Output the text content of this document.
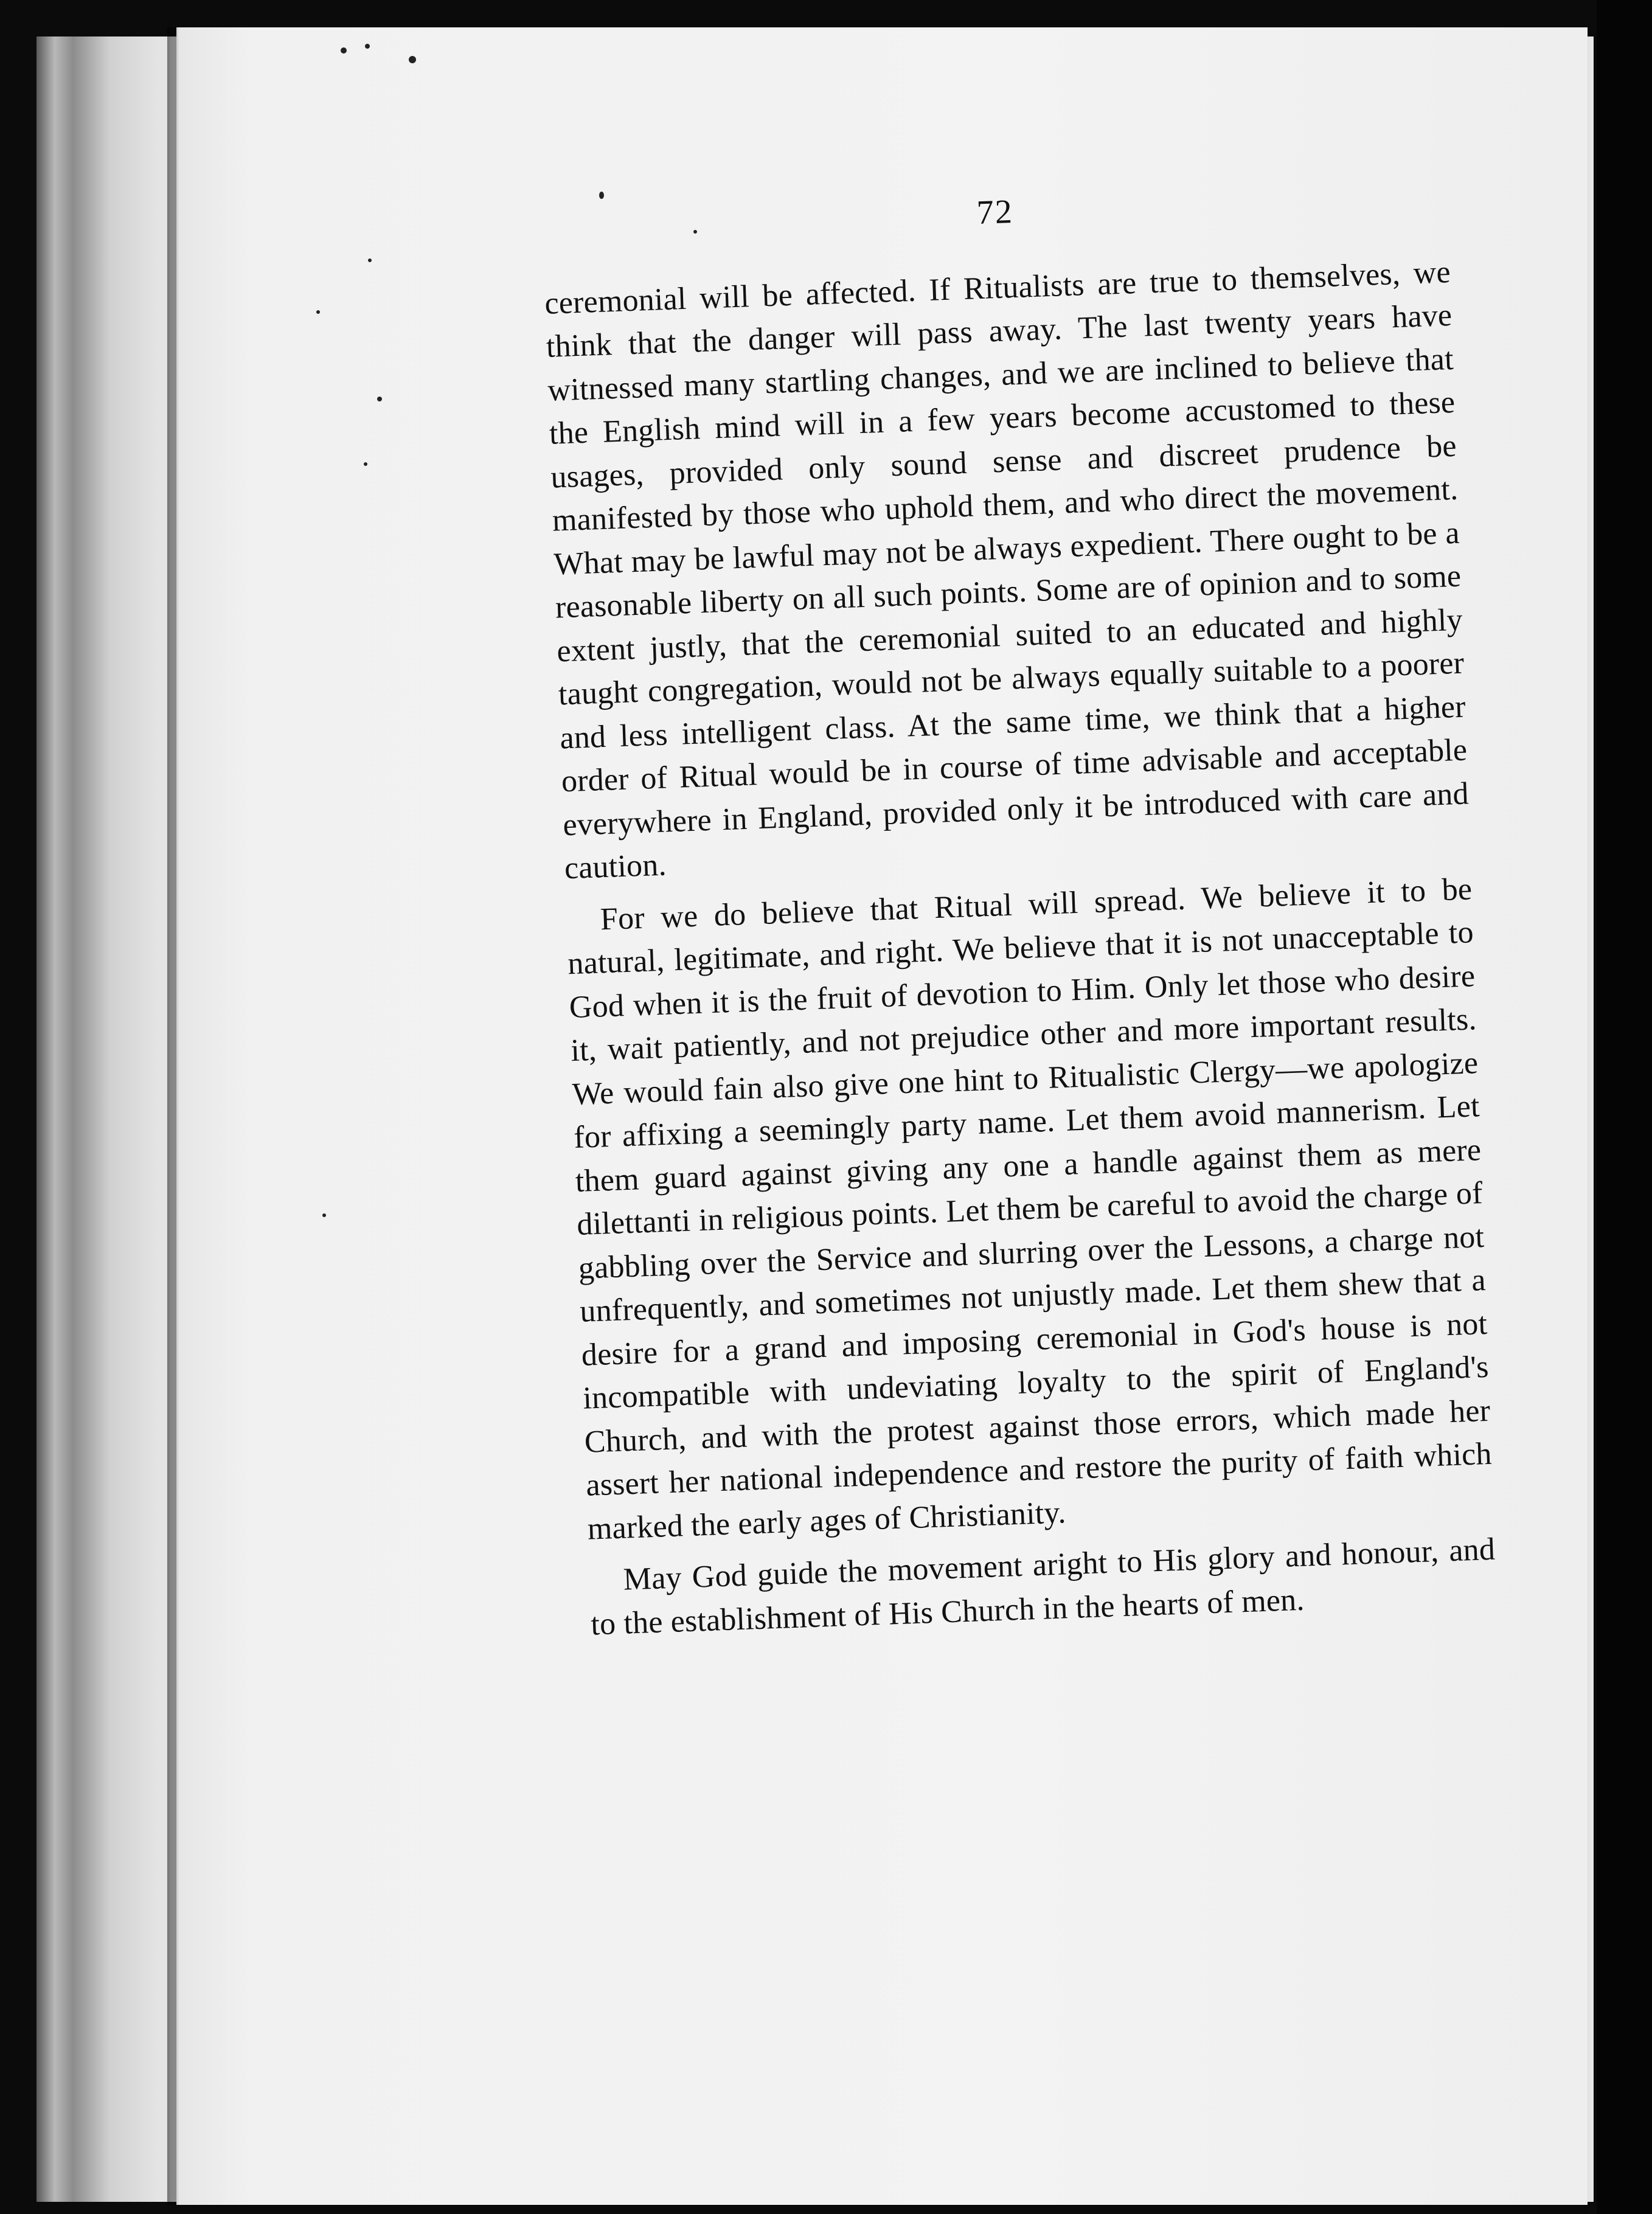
72

ceremonial will be affected. If Ritualists are true to themselves, we think that the danger will pass away. The last twenty years have witnessed many startling changes, and we are inclined to believe that the English mind will in a few years become accustomed to these usages, provided only sound sense and discreet prudence be manifested by those who uphold them, and who direct the movement. What may be lawful may not be always expedient. There ought to be a reasonable liberty on all such points. Some are of opinion and to some extent justly, that the ceremonial suited to an educated and highly taught congregation, would not be always equally suitable to a poorer and less intelligent class. At the same time, we think that a higher order of Ritual would be in course of time advisable and acceptable everywhere in England, provided only it be introduced with care and caution.

For we do believe that Ritual will spread. We believe it to be natural, legitimate, and right. We believe that it is not unacceptable to God when it is the fruit of devotion to Him. Only let those who desire it, wait patiently, and not prejudice other and more important results. We would fain also give one hint to Ritualistic Clergy—we apologize for affixing a seemingly party name. Let them avoid mannerism. Let them guard against giving any one a handle against them as mere dilettanti in religious points. Let them be careful to avoid the charge of gabbling over the Service and slurring over the Lessons, a charge not unfrequently, and sometimes not unjustly made. Let them shew that a desire for a grand and imposing ceremonial in God's house is not incompatible with undeviating loyalty to the spirit of England's Church, and with the protest against those errors, which made her assert her national independence and restore the purity of faith which marked the early ages of Christianity.

May God guide the movement aright to His glory and honour, and to the establishment of His Church in the hearts of men.
